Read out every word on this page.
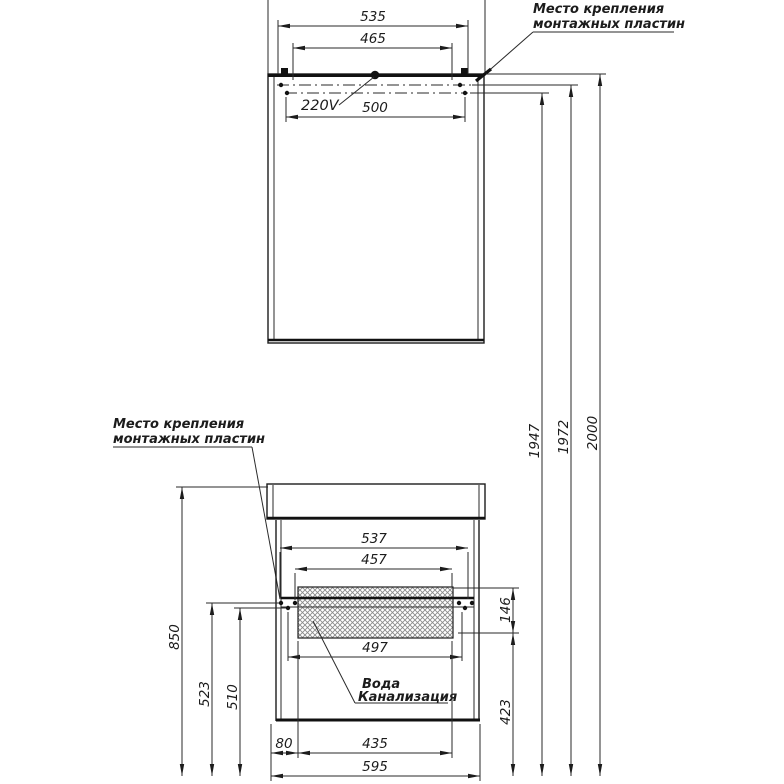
535
465
500
220V
Место крепления
монтажных пластин
1947 1972 2000
Место крепления
монтажных пластин
537
457
497
Вода
Канализация
146
423
850
523 510
80	435
595
